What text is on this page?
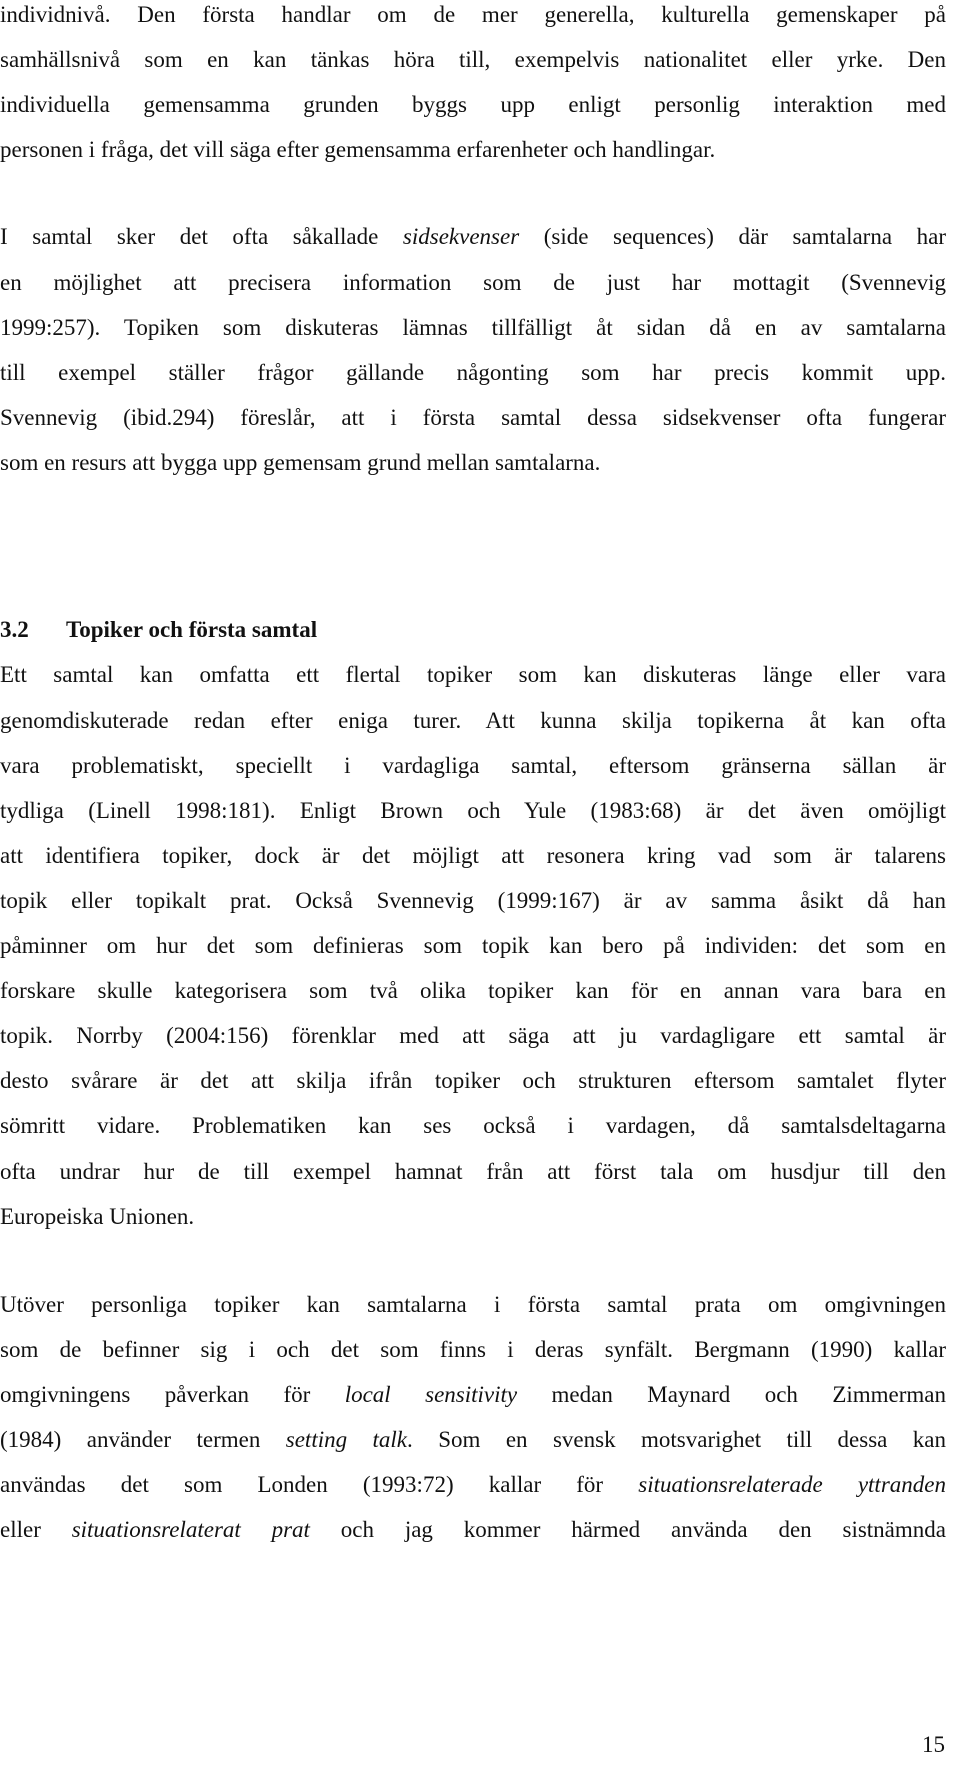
individnivå. Den första handlar om de mer generella, kulturella gemenskaper på
samhällsnivå som en kan tänkas höra till, exempelvis nationalitet eller yrke. Den
individuella gemensamma grunden byggs upp enligt personlig interaktion med
personen i fråga, det vill säga efter gemensamma erfarenheter och handlingar.
I samtal sker det ofta såkallade sidsekvenser (side sequences) där samtalarna har
en möjlighet att precisera information som de just har mottagit (Svennevig
1999:257). Topiken som diskuteras lämnas tillfälligt åt sidan då en av samtalarna
till exempel ställer frågor gällande någonting som har precis kommit upp.
Svennevig (ibid.294) föreslår, att i första samtal dessa sidsekvenser ofta fungerar
som en resurs att bygga upp gemensam grund mellan samtalarna.
3.2 Topiker och första samtal
Ett samtal kan omfatta ett flertal topiker som kan diskuteras länge eller vara
genomdiskuterade redan efter eniga turer. Att kunna skilja topikerna åt kan ofta
vara problematiskt, speciellt i vardagliga samtal, eftersom gränserna sällan är
tydliga (Linell 1998:181). Enligt Brown och Yule (1983:68) är det även omöjligt
att identifiera topiker, dock är det möjligt att resonera kring vad som är talarens
topik eller topikalt prat. Också Svennevig (1999:167) är av samma åsikt då han
påminner om hur det som definieras som topik kan bero på individen: det som en
forskare skulle kategorisera som två olika topiker kan för en annan vara bara en
topik. Norrby (2004:156) förenklar med att säga att ju vardagligare ett samtal är
desto svårare är det att skilja ifrån topiker och strukturen eftersom samtalet flyter
sömritt vidare. Problematiken kan ses också i vardagen, då samtalsdeltagarna
ofta undrar hur de till exempel hamnat från att först tala om husdjur till den
Europeiska Unionen.
Utöver personliga topiker kan samtalarna i första samtal prata om omgivningen
som de befinner sig i och det som finns i deras synfält. Bergmann (1990) kallar
omgivningens påverkan för local sensitivity medan Maynard och Zimmerman
(1984) använder termen setting talk. Som en svensk motsvarighet till dessa kan
användas det som Londen (1993:72) kallar för situationsrelaterade yttranden
eller situationsrelaterat prat och jag kommer härmed använda den sistnämnda
15
